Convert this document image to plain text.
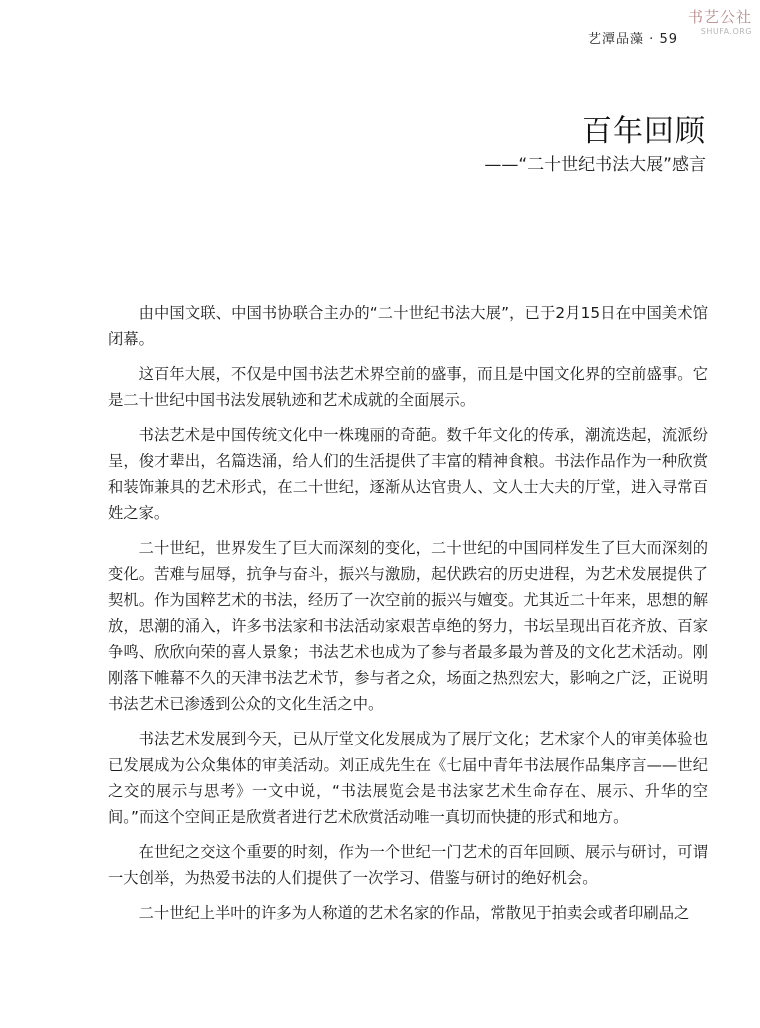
艺潭品藻 · 59
书艺公社
SHUFA.ORG
百年回顾
——“二十世纪书法大展”感言

由中国文联、中国书协联合主办的“二十世纪书法大展”，已于2月15日在中国美术馆闭幕。

这百年大展，不仅是中国书法艺术界空前的盛事，而且是中国文化界的空前盛事。它是二十世纪中国书法发展轨迹和艺术成就的全面展示。

书法艺术是中国传统文化中一株瑰丽的奇葩。数千年文化的传承，潮流迭起，流派纷呈，俊才辈出，名篇迭涌，给人们的生活提供了丰富的精神食粮。书法作品作为一种欣赏和装饰兼具的艺术形式，在二十世纪，逐渐从达官贵人、文人士大夫的厅堂，进入寻常百姓之家。

二十世纪，世界发生了巨大而深刻的变化，二十世纪的中国同样发生了巨大而深刻的变化。苦难与屈辱，抗争与奋斗，振兴与激励，起伏跌宕的历史进程，为艺术发展提供了契机。作为国粹艺术的书法，经历了一次空前的振兴与嬗变。尤其近二十年来，思想的解放，思潮的涌入，许多书法家和书法活动家艰苦卓绝的努力，书坛呈现出百花齐放、百家争鸣、欣欣向荣的喜人景象；书法艺术也成为了参与者最多最为普及的文化艺术活动。刚刚落下帷幕不久的天津书法艺术节，参与者之众，场面之热烈宏大，影响之广泛，正说明书法艺术已渗透到公众的文化生活之中。

书法艺术发展到今天，已从厅堂文化发展成为了展厅文化；艺术家个人的审美体验也已发展成为公众集体的审美活动。刘正成先生在《七届中青年书法展作品集序言——世纪之交的展示与思考》一文中说，“书法展览会是书法家艺术生命存在、展示、升华的空间。”而这个空间正是欣赏者进行艺术欣赏活动唯一真切而快捷的形式和地方。

在世纪之交这个重要的时刻，作为一个世纪一门艺术的百年回顾、展示与研讨，可谓一大创举，为热爱书法的人们提供了一次学习、借鉴与研讨的绝好机会。

二十世纪上半叶的许多为人称道的艺术名家的作品，常散见于拍卖会或者印刷品之
